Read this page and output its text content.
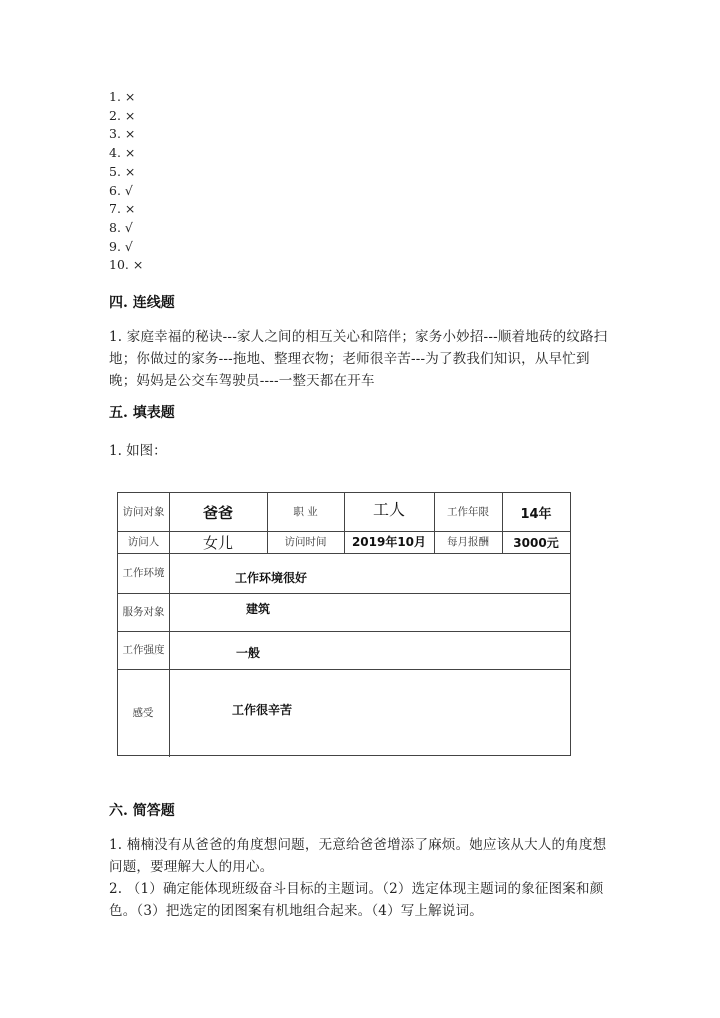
1. ×
2. ×
3. ×
4. ×
5. ×
6. √
7. ×
8. √
9. √
10. ×
四. 连线题
1. 家庭幸福的秘诀---家人之间的相互关心和陪伴；家务小妙招---顺着地砖的纹路扫地；你做过的家务---拖地、整理衣物；老师很辛苦---为了教我们知识，从早忙到晚；妈妈是公交车驾驶员----一整天都在开车
五. 填表题
1. 如图：
访问对象	爸爸	职 业	工人	工作年限	14年
访问人	女儿	访问时间	2019年10月	每月报酬	3000元
工作环境	工作环境很好
服务对象	建筑
工作强度	一般
感受	工作很辛苦
六. 简答题
1. 楠楠没有从爸爸的角度想问题，无意给爸爸增添了麻烦。她应该从大人的角度想问题，要理解大人的用心。
2. （1）确定能体现班级奋斗目标的主题词。（2）选定体现主题词的象征图案和颜色。（3）把选定的团图案有机地组合起来。（4）写上解说词。
